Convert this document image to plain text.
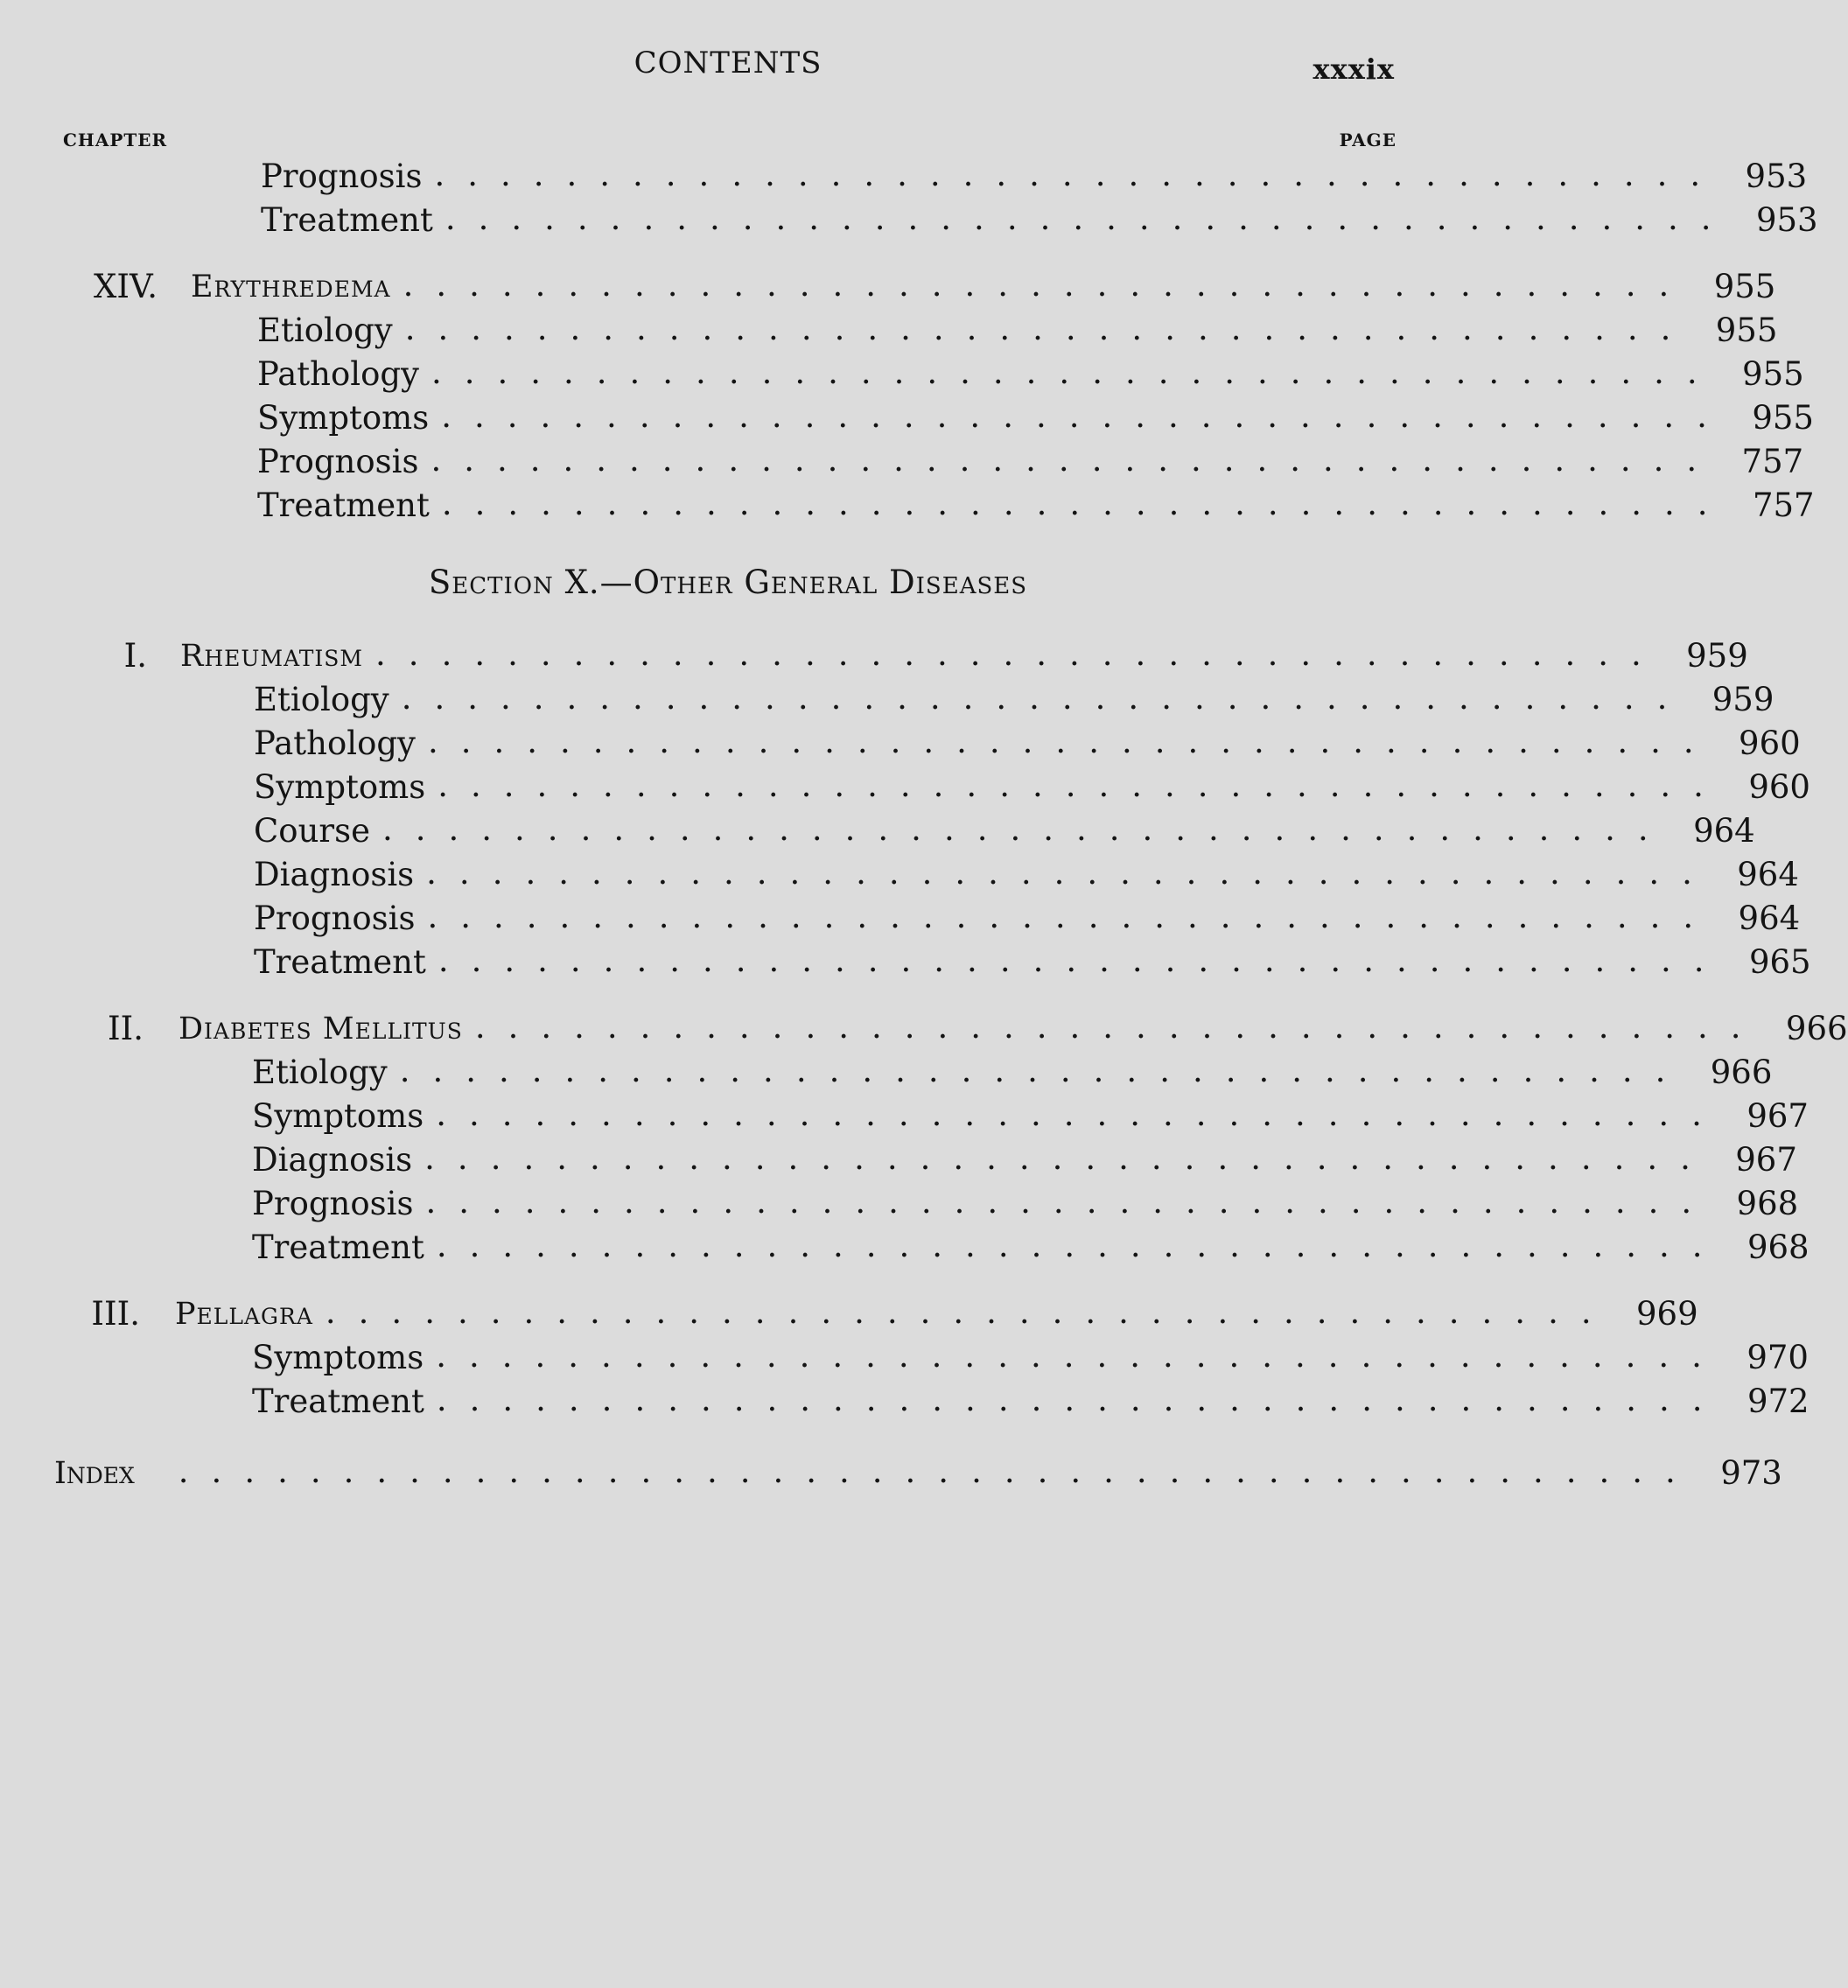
CONTENTS	xxxix
CHAPTER	PAGE
Prognosis ....................................... 953
Treatment ....................................... 953
XIV. Erythredema ....................................... 955
Etiology ....................................... 955
Pathology ....................................... 955
Symptoms ....................................... 955
Prognosis ....................................... 757
Treatment ....................................... 757
Section X.—Other General Diseases
I. Rheumatism ....................................... 959
Etiology ....................................... 959
Pathology ....................................... 960
Symptoms ....................................... 960
Course ....................................... 964
Diagnosis ....................................... 964
Prognosis ....................................... 964
Treatment ....................................... 965
II. Diabetes Mellitus ....................................... 966
Etiology ....................................... 966
Symptoms ....................................... 967
Diagnosis ....................................... 967
Prognosis ....................................... 968
Treatment ....................................... 968
III. Pellagra ....................................... 969
Symptoms ....................................... 970
Treatment ....................................... 972
Index .............................................. 973
